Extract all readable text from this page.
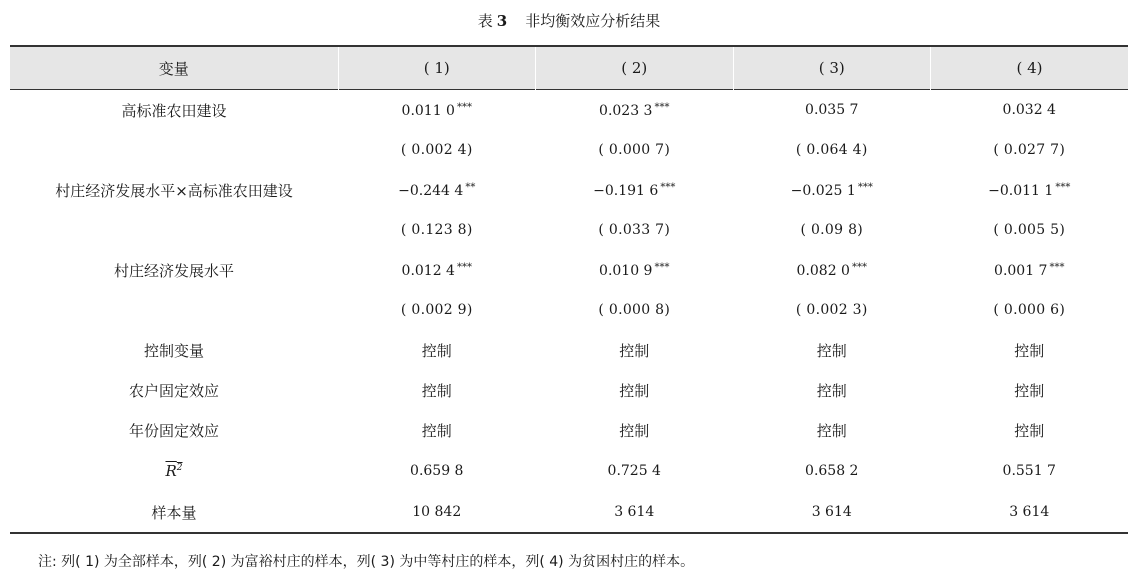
表 3 非均衡效应分析结果
变量	( 1)	( 2)	( 3)	( 4)
高标准农田建设	0.011 0 ***	0.023 3 ***	0.035 7	0.032 4
	( 0.002 4)	( 0.000 7)	( 0.064 4)	( 0.027 7)
村庄经济发展水平×高标准农田建设	−0.244 4 **	−0.191 6 ***	−0.025 1 ***	−0.011 1 ***
	( 0.123 8)	( 0.033 7)	( 0.09 8)	( 0.005 5)
村庄经济发展水平	0.012 4 ***	0.010 9 ***	0.082 0 ***	0.001 7 ***
	( 0.002 9)	( 0.000 8)	( 0.002 3)	( 0.000 6)
控制变量	控制	控制	控制	控制
农户固定效应	控制	控制	控制	控制
年份固定效应	控制	控制	控制	控制
$R^2$	0.659 8	0.725 4	0.658 2	0.551 7
样本量	10 842	3 614	3 614	3 614
注: 列( 1) 为全部样本，列( 2) 为富裕村庄的样本，列( 3) 为中等村庄的样本，列( 4) 为贫困村庄的样本。
